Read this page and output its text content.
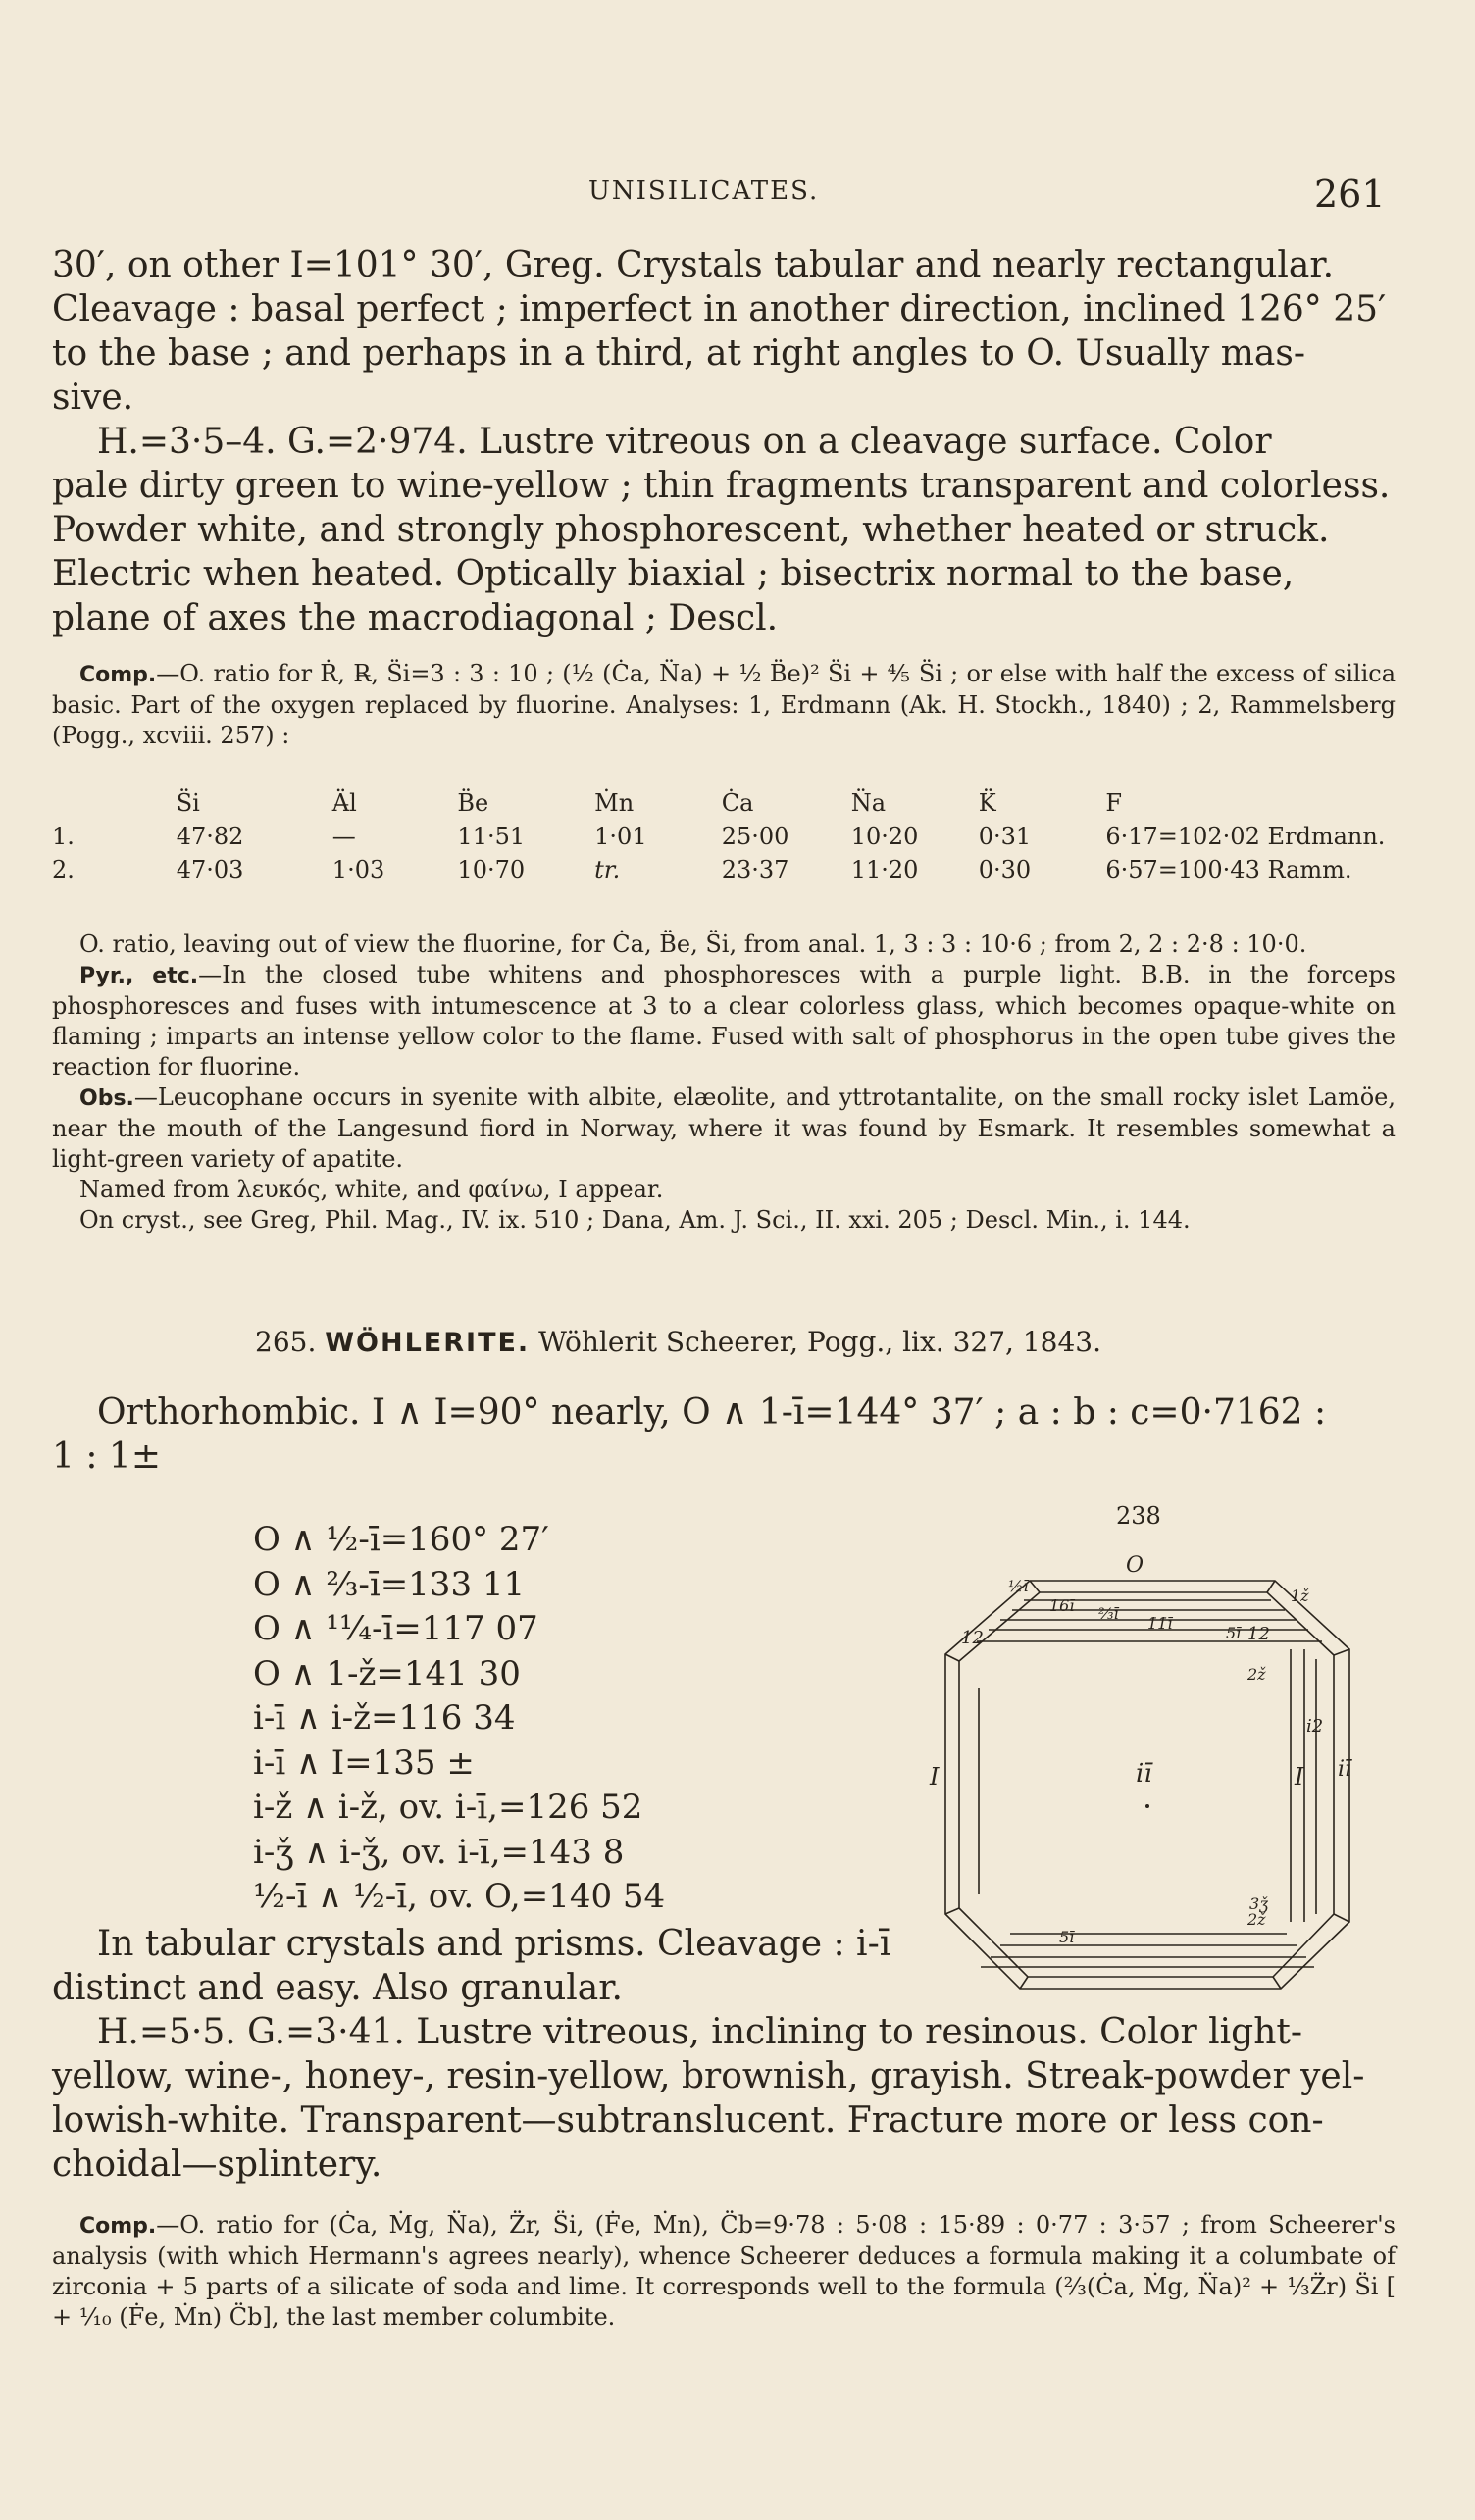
UNISILICATES.	261
30′, on other I=101° 30′, Greg. Crystals tabular and nearly rectangular.
Cleavage : basal perfect ; imperfect in another direction, inclined 126° 25′
to the base ; and perhaps in a third, at right angles to O. Usually mas-
sive.
H.=3·5–4. G.=2·974. Lustre vitreous on a cleavage surface. Color
pale dirty green to wine-yellow ; thin fragments transparent and colorless.
Powder white, and strongly phosphorescent, whether heated or struck.
Electric when heated. Optically biaxial ; bisectrix normal to the base,
plane of axes the macrodiagonal ; Descl.

Comp.—O. ratio for Ṙ, R̶, S̈i=3 : 3 : 10 ; (½ (Ċa, N̈a) + ½ B̈e)² S̈i + ⅘ S̈i ; or else with half the excess of silica basic. Part of the oxygen replaced by fluorine. Analyses: 1, Erdmann (Ak. H. Stockh., 1840) ; 2, Rammelsberg (Pogg., xcviii. 257) :

	S̈i	Ä̶l	B̈e	Ṁn	Ċa	N̈a	K̈	F
1.	47·82	—	11·51	1·01	25·00	10·20	0·31	6·17=102·02 Erdmann.
2.	47·03	1·03	10·70	tr.	23·37	11·20	0·30	6·57=100·43 Ramm.

O. ratio, leaving out of view the fluorine, for Ċa, B̈e, S̈i, from anal. 1, 3 : 3 : 10·6 ; from 2, 2 : 2·8 : 10·0.

Pyr., etc.—In the closed tube whitens and phosphoresces with a purple light. B.B. in the forceps phosphoresces and fuses with intumescence at 3 to a clear colorless glass, which becomes opaque-white on flaming ; imparts an intense yellow color to the flame. Fused with salt of phosphorus in the open tube gives the reaction for fluorine.

Obs.—Leucophane occurs in syenite with albite, elæolite, and yttrotantalite, on the small rocky islet Lamöe, near the mouth of the Langesund fiord in Norway, where it was found by Esmark. It resembles somewhat a light-green variety of apatite.

Named from λευκός, white, and φαίνω, I appear.

On cryst., see Greg, Phil. Mag., IV. ix. 510 ; Dana, Am. J. Sci., II. xxi. 205 ; Descl. Min., i. 144.

265. WÖHLERITE. Wöhlerit Scheerer, Pogg., lix. 327, 1843.
Orthorhombic. I ∧ I=90° nearly, O ∧ 1-ī=144° 37′ ; a : b : c=0·7162 :
1 : 1±
O ∧ ½-ī=160° 27′
O ∧ ⅔-ī=133 11
O ∧ ¹¹⁄₄-ī=117 07
O ∧ 1-ž=141 30
i-ī ∧ i-ž=116 34
i-ī ∧ I=135 ±
i-ž ∧ i-ž, ov. i-ī,=126 52
i-ǯ ∧ i-ǯ, ov. i-ī,=143 8
½-ī ∧ ½-ī, ov. O,=140 54
238
O
iī
I	I iī
i2
½ī
1̄6̄ī ⅔ī
1̄1̄ī
5ī
12	12
1ž
2ž
5ī
3ǯ
2ž
In tabular crystals and prisms. Cleavage : i-ī
distinct and easy. Also granular.
H.=5·5. G.=3·41. Lustre vitreous, inclining to resinous. Color light-
yellow, wine-, honey-, resin-yellow, brownish, grayish. Streak-powder yel-
lowish-white. Transparent—subtranslucent. Fracture more or less con-
choidal—splintery.

Comp.—O. ratio for (Ċa, Ṁg, N̈a), Z̈r, S̈i, (Ḟe, Ṁn), C̈b=9·78 : 5·08 : 15·89 : 0·77 : 3·57 ; from Scheerer's analysis (with which Hermann's agrees nearly), whence Scheerer deduces a formula making it a columbate of zirconia + 5 parts of a silicate of soda and lime. It corresponds well to the formula (⅔(Ċa, Ṁg, N̈a)² + ⅓Z̈r) S̈i [ + ¹⁄₁₀ (Ḟe, Ṁn) C̈b], the last member columbite.
